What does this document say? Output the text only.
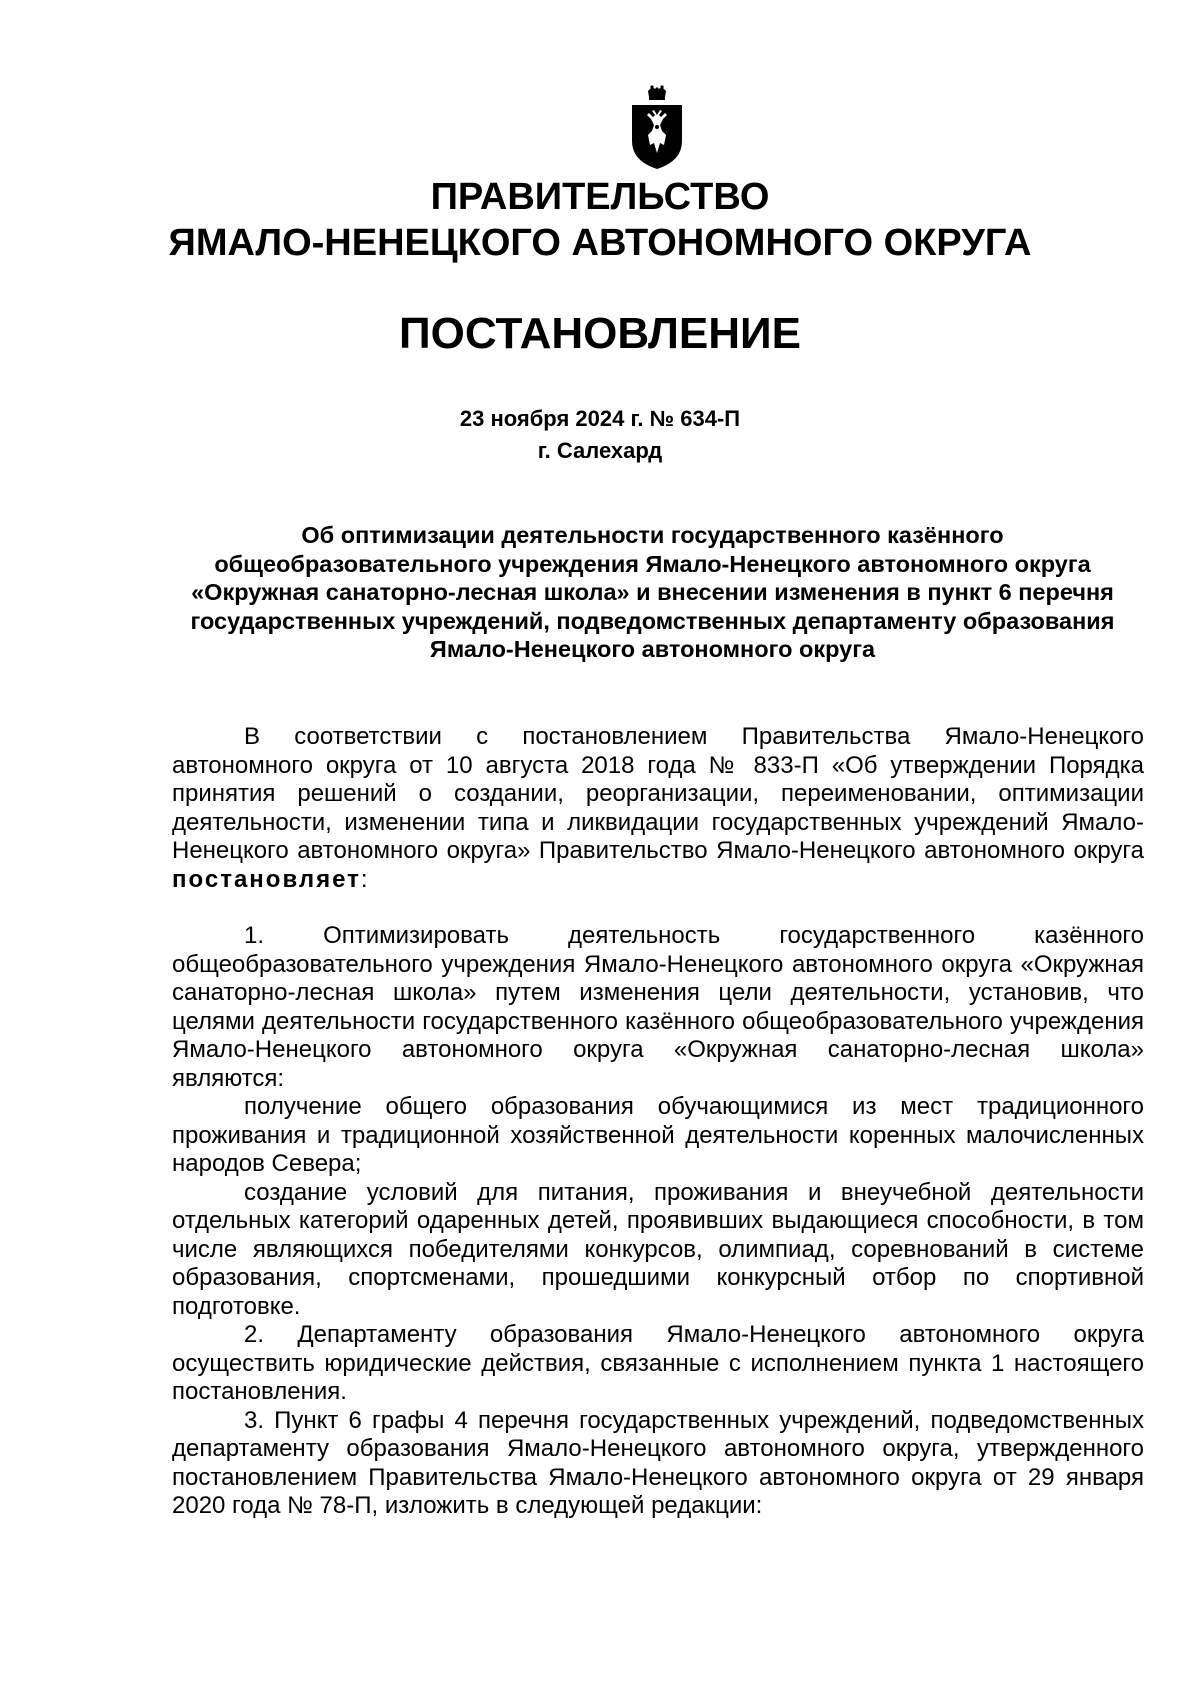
ПРАВИТЕЛЬСТВО
ЯМАЛО-НЕНЕЦКОГО АВТОНОМНОГО ОКРУГА
ПОСТАНОВЛЕНИЕ
23 ноября 2024 г. № 634-П
г. Салехард
Об оптимизации деятельности государственного казённого общеобразовательного учреждения Ямало-Ненецкого автономного округа «Окружная санаторно-лесная школа» и внесении изменения в пункт 6 перечня государственных учреждений, подведомственных департаменту образования Ямало-Ненецкого автономного округа

В соответствии с постановлением Правительства Ямало-Ненецкого автономного округа от 10 августа 2018 года № 833-П «Об утверждении Порядка принятия решений о создании, реорганизации, переименовании, оптимизации деятельности, изменении типа и ликвидации государственных учреждений Ямало-Ненецкого автономного округа» Правительство Ямало-Ненецкого автономного округа постановляет:

1. Оптимизировать деятельность государственного казённого общеобразовательного учреждения Ямало-Ненецкого автономного округа «Окружная санаторно-лесная школа» путем изменения цели деятельности, установив, что целями деятельности государственного казённого общеобразовательного учреждения Ямало-Ненецкого автономного округа «Окружная санаторно-лесная школа» являются:

получение общего образования обучающимися из мест традиционного проживания и традиционной хозяйственной деятельности коренных малочисленных народов Севера;

создание условий для питания, проживания и внеучебной деятельности отдельных категорий одаренных детей, проявивших выдающиеся способности, в том числе являющихся победителями конкурсов, олимпиад, соревнований в системе образования, спортсменами, прошедшими конкурсный отбор по спортивной подготовке.

2. Департаменту образования Ямало-Ненецкого автономного округа осуществить юридические действия, связанные с исполнением пункта 1 настоящего постановления.

3. Пункт 6 графы 4 перечня государственных учреждений, подведомственных департаменту образования Ямало-Ненецкого автономного округа, утвержденного постановлением Правительства Ямало-Ненецкого автономного округа от 29 января 2020 года № 78-П, изложить в следующей редакции:
